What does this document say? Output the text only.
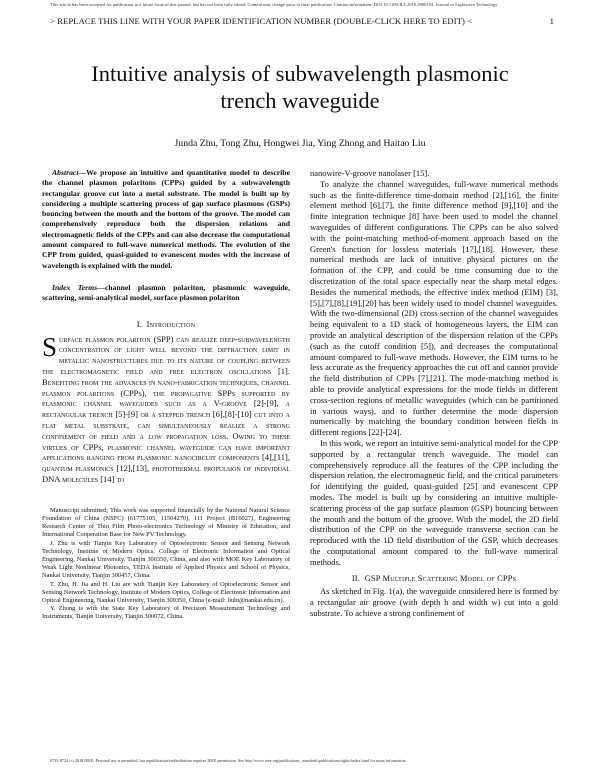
This article has been accepted for publication in a future issue of this journal, but has not been fully edited. Content may change prior to final publication. Citation information: DOI 10.1109/JLT.2019.2900103, Journal of Lightwave Technology
> REPLACE THIS LINE WITH YOUR PAPER IDENTIFICATION NUMBER (DOUBLE-CLICK HERE TO EDIT) <	1
Intuitive analysis of subwavelength plasmonic
trench waveguide
Junda Zhu, Tong Zhu, Hongwei Jia, Ying Zhong and Haitao Liu

Abstract—We propose an intuitive and quantitative model to describe the channel plasmon polaritons (CPPs) guided by a subwavelength rectangular groove cut into a metal substrate. The model is built up by considering a multiple scattering process of gap surface plasmons (GSPs) bouncing between the mouth and the bottom of the groove. The model can comprehensively reproduce both the dispersion relations and electromagnetic fields of the CPPs and can also decrease the computational amount compared to full-wave numerical methods. The evolution of the CPP from guided, quasi-guided to evanescent modes with the increase of wavelength is explained with the model.

Index Terms—channel plasmon polariton, plasmonic waveguide, scattering, semi-analytical model, surface plasmon polariton

I. Introduction

Surface plasmon polariton (SPP) can realize deep-subwavelength concentration of light well beyond the diffraction limit in metallic nanostructures due to its nature of coupling between the electromagnetic field and free electron oscillations [1]. Benefiting from the advances in nano-fabrication techniques, channel plasmon polaritons (CPPs), the propagative SPPs supported by plasmonic channel waveguides such as a V-groove [2]-[9], a rectangular trench [5]-[9] or a stepped trench [6],[8]-[10] cut into a flat metal substrate, can simultaneously realize a strong confinement of field and a low propagation loss. Owing to these virtues of CPPs, plasmonic channel waveguide can have important applications ranging from plasmonic nanocircuit components [4],[11], quantum plasmonics [12],[13], photothermal propulsion of individual DNA molecules [14] to

Manuscript submitted; This work was supported financially by the National Natural Science Foundation of China (NSFC) (61775105, 11504270), 111 Project (B16027), Engineering Research Center of Thin Film Photo-electronics Technology of Ministry of Education, and International Cooperation Base for New PV Technology.

J. Zhu is with Tianjin Key Laboratory of Optoelectronic Sensor and Sensing Network Technology, Institute of Modern Optics, College of Electronic Information and Optical Engineering, Nankai University, Tianjin 300350, China, and also with MOE Key Laboratory of Weak Light Nonlinear Photonics, TEDA Institute of Applied Physics and School of Physics, Nankai University, Tianjin 300457, China.

T. Zhu, H. Jia and H. Liu are with Tianjin Key Laboratory of Optoelectronic Sensor and Sensing Network Technology, Institute of Modern Optics, College of Electronic Information and Optical Engineering, Nankai University, Tianjin 300350, China (e-mail: liuht@nankai.edu.cn).

Y. Zhong is with the State Key Laboratory of Precision Measurement Technology and Instruments, Tianjin University, Tianjin 300072, China.

nanowire-V-groove nanolaser [15].

To analyze the channel waveguides, full-wave numerical methods such as the finite-difference time-domain method [2],[16], the finite element method [6],[7], the finite difference method [9],[10] and the finite integration technique [8] have been used to model the channel waveguides of different configurations. The CPPs can be also solved with the point-matching method-of-moment approach based on the Green's function for lossless materials [17],[18]. However, these numerical methods are lack of intuitive physical pictures on the formation of the CPP, and could be time consuming due to the discretization of the total space especially near the sharp metal edges. Besides the numerical methods, the effective index method (EIM) [3],[5],[7],[8],[19],[20] has been widely used to model channel waveguides. With the two-dimensional (2D) cross section of the channel waveguides being equivalent to a 1D stack of homogeneous layers, the EIM can provide an analytical description of the dispersion relation of the CPPs (such as the cutoff condition [5]), and decreases the computational amount compared to full-wave methods. However, the EIM turns to be less accurate as the frequency approaches the cut off and cannot provide the field distribution of CPPs [7],[21]. The mode-matching method is able to provide analytical expressions for the mode fields in different cross-section regions of metallic waveguides (which can be partitioned in various ways), and to further determine the mode dispersion numerically by matching the boundary condition between fields in different regions [22]-[24].

In this work, we report an intuitive semi-analytical model for the CPP supported by a rectangular trench waveguide. The model can comprehensively reproduce all the features of the CPP including the dispersion relation, the electromagnetic field, and the critical parameters for identifying the guided, quasi-guided [25] and evanescent CPP modes. The model is built up by considering an intuitive multiple-scattering process of the gap surface plasmon (GSP) bouncing between the mouth and the bottom of the groove. With the model, the 2D field distribution of the CPP on the waveguide transverse section can be reproduced with the 1D field distribution of the GSP, which decreases the computational amount compared to the full-wave numerical methods.

II. GSP Multiple Scattering Model of CPPs

As sketched in Fig. 1(a), the waveguide considered here is formed by a rectangular air groove (with depth h and width w) cut into a gold substrate. To achieve a strong confinement of

0733-8724 (c) 2018 IEEE. Personal use is permitted, but republication/redistribution requires IEEE permission. See http://www.ieee.org/publications_standards/publications/rights/index.html for more information.
